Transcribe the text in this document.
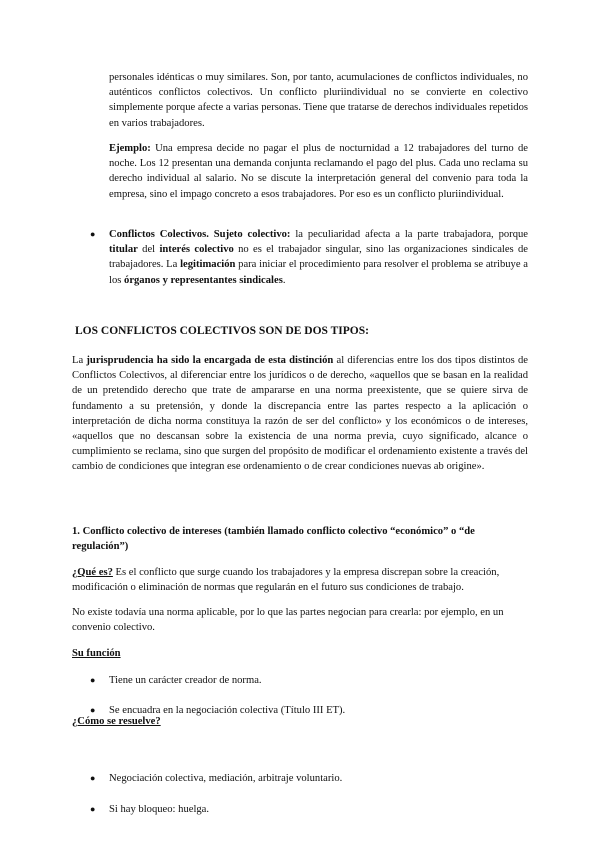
personales idénticas o muy similares. Son, por tanto, acumulaciones de conflictos individuales, no auténticos conflictos colectivos. Un conflicto pluriindividual no se convierte en colectivo simplemente porque afecte a varias personas. Tiene que tratarse de derechos individuales repetidos en varios trabajadores.
Ejemplo: Una empresa decide no pagar el plus de nocturnidad a 12 trabajadores del turno de noche. Los 12 presentan una demanda conjunta reclamando el pago del plus. Cada uno reclama su derecho individual al salario. No se discute la interpretación general del convenio para toda la empresa, sino el impago concreto a esos trabajadores. Por eso es un conflicto pluriindividual.
● Conflictos Colectivos. Sujeto colectivo: la peculiaridad afecta a la parte trabajadora, porque titular del interés colectivo no es el trabajador singular, sino las organizaciones sindicales de trabajadores. La legitimación para iniciar el procedimiento para resolver el problema se atribuye a los órganos y representantes sindicales.
LOS CONFLICTOS COLECTIVOS SON DE DOS TIPOS:
La jurisprudencia ha sido la encargada de esta distinción al diferencias entre los dos tipos distintos de Conflictos Colectivos, al diferenciar entre los jurídicos o de derecho, «aquellos que se basan en la realidad de un pretendido derecho que trate de ampararse en una norma preexistente, que se quiere sirva de fundamento a su pretensión, y donde la discrepancia entre las partes respecto a la aplicación o interpretación de dicha norma constituya la razón de ser del conflicto» y los económicos o de intereses, «aquellos que no descansan sobre la existencia de una norma previa, cuyo significado, alcance o cumplimiento se reclama, sino que surgen del propósito de modificar el ordenamiento existente a través del cambio de condiciones que integran ese ordenamiento o de crear condiciones nuevas ab origine».
1. Conflicto colectivo de intereses (también llamado conflicto colectivo “económico” o “de regulación”)
¿Qué es? Es el conflicto que surge cuando los trabajadores y la empresa discrepan sobre la creación, modificación o eliminación de normas que regularán en el futuro sus condiciones de trabajo.
No existe todavía una norma aplicable, por lo que las partes negocian para crearla: por ejemplo, en un convenio colectivo.
Su función
● Tiene un carácter creador de norma.
● Se encuadra en la negociación colectiva (Título III ET).
¿Cómo se resuelve?
● Negociación colectiva, mediación, arbitraje voluntario.
● Si hay bloqueo: huelga.
